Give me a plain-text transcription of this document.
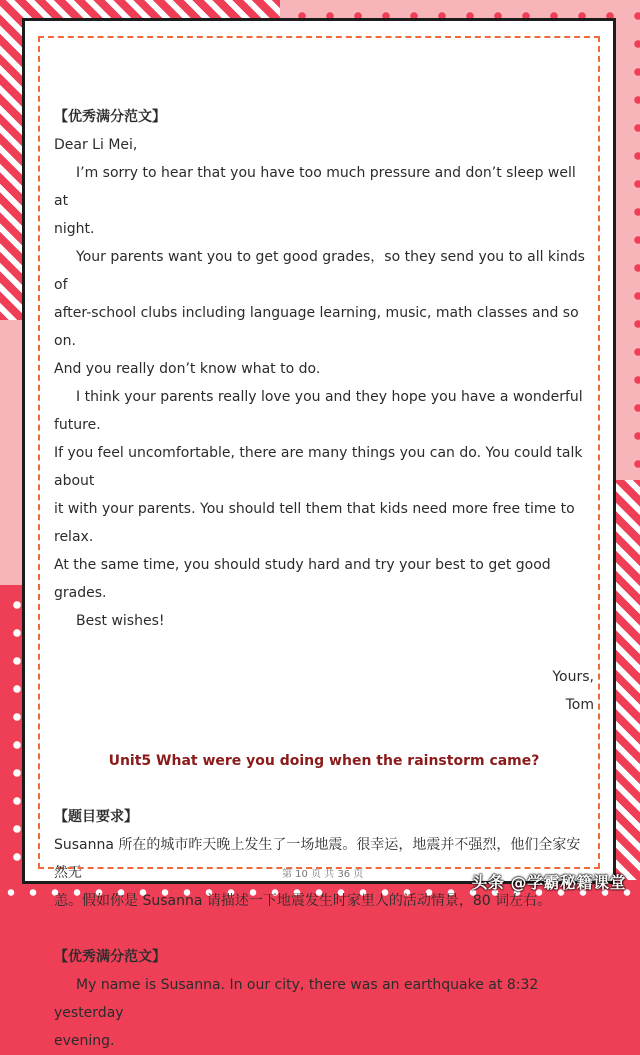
【优秀满分范文】

Dear Li Mei,

I’m sorry to hear that you have too much pressure and don’t sleep well at

night.

Your parents want you to get good grades，so they send you to all kinds of

after-school clubs including language learning, music, math classes and so on.

And you really don’t know what to do.

I think your parents really love you and they hope you have a wonderful future.

If you feel uncomfortable, there are many things you can do. You could talk about

it with your parents. You should tell them that kids need more free time to relax.

At the same time, you should study hard and try your best to get good grades.

Best wishes!

Yours,

Tom

Unit5 What were you doing when the rainstorm came?

【题目要求】

Susanna 所在的城市昨天晚上发生了一场地震。很幸运，地震并不强烈，他们全家安然无

恙。假如你是 Susanna 请描述一下地震发生时家里人的活动情景，80 词左右。

【优秀满分范文】

My name is Susanna. In our city, there was an earthquake at 8:32 yesterday

evening.

第 10 页 共 36 页	头条 @学霸秘籍课堂
